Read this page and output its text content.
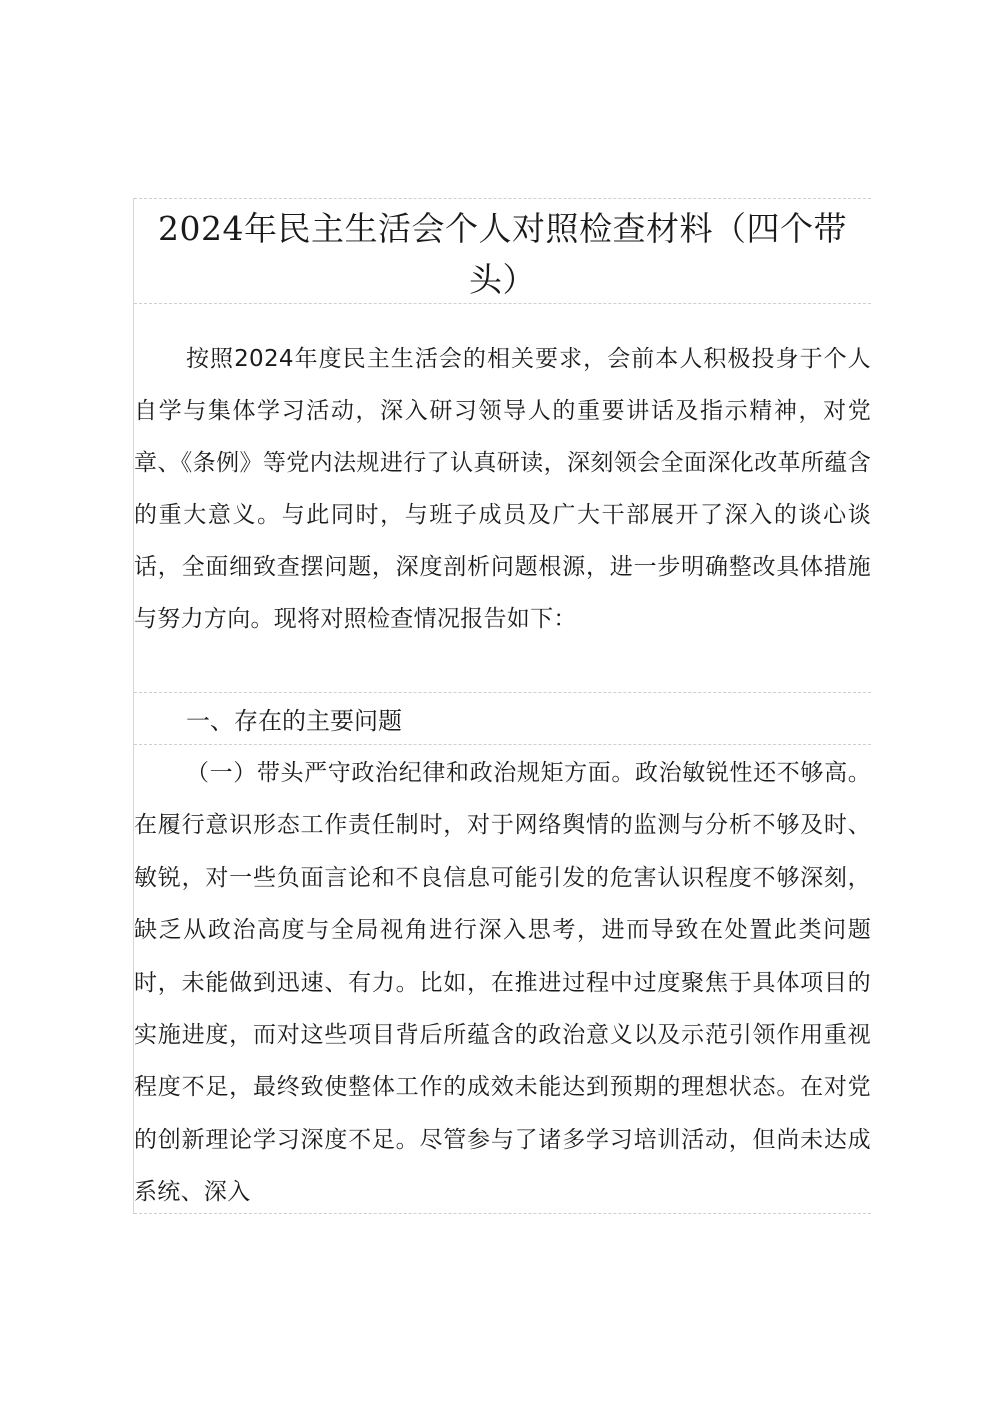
2024年民主生活会个人对照检查材料（四个带头）

按照2024年度民主生活会的相关要求，会前本人积极投身于个人自学与集体学习活动，深入研习领导人的重要讲话及指示精神，对党章、《条例》等党内法规进行了认真研读，深刻领会全面深化改革所蕴含的重大意义。与此同时，与班子成员及广大干部展开了深入的谈心谈话，全面细致查摆问题，深度剖析问题根源，进一步明确整改具体措施与努力方向。现将对照检查情况报告如下：

一、存在的主要问题

（一）带头严守政治纪律和政治规矩方面。政治敏锐性还不够高。在履行意识形态工作责任制时，对于网络舆情的监测与分析不够及时、敏锐，对一些负面言论和不良信息可能引发的危害认识程度不够深刻，缺乏从政治高度与全局视角进行深入思考，进而导致在处置此类问题时，未能做到迅速、有力。比如，在推进过程中过度聚焦于具体项目的实施进度，而对这些项目背后所蕴含的政治意义以及示范引领作用重视程度不足，最终致使整体工作的成效未能达到预期的理想状态。在对党的创新理论学习深度不足。尽管参与了诸多学习培训活动，但尚未达成系统、深入
